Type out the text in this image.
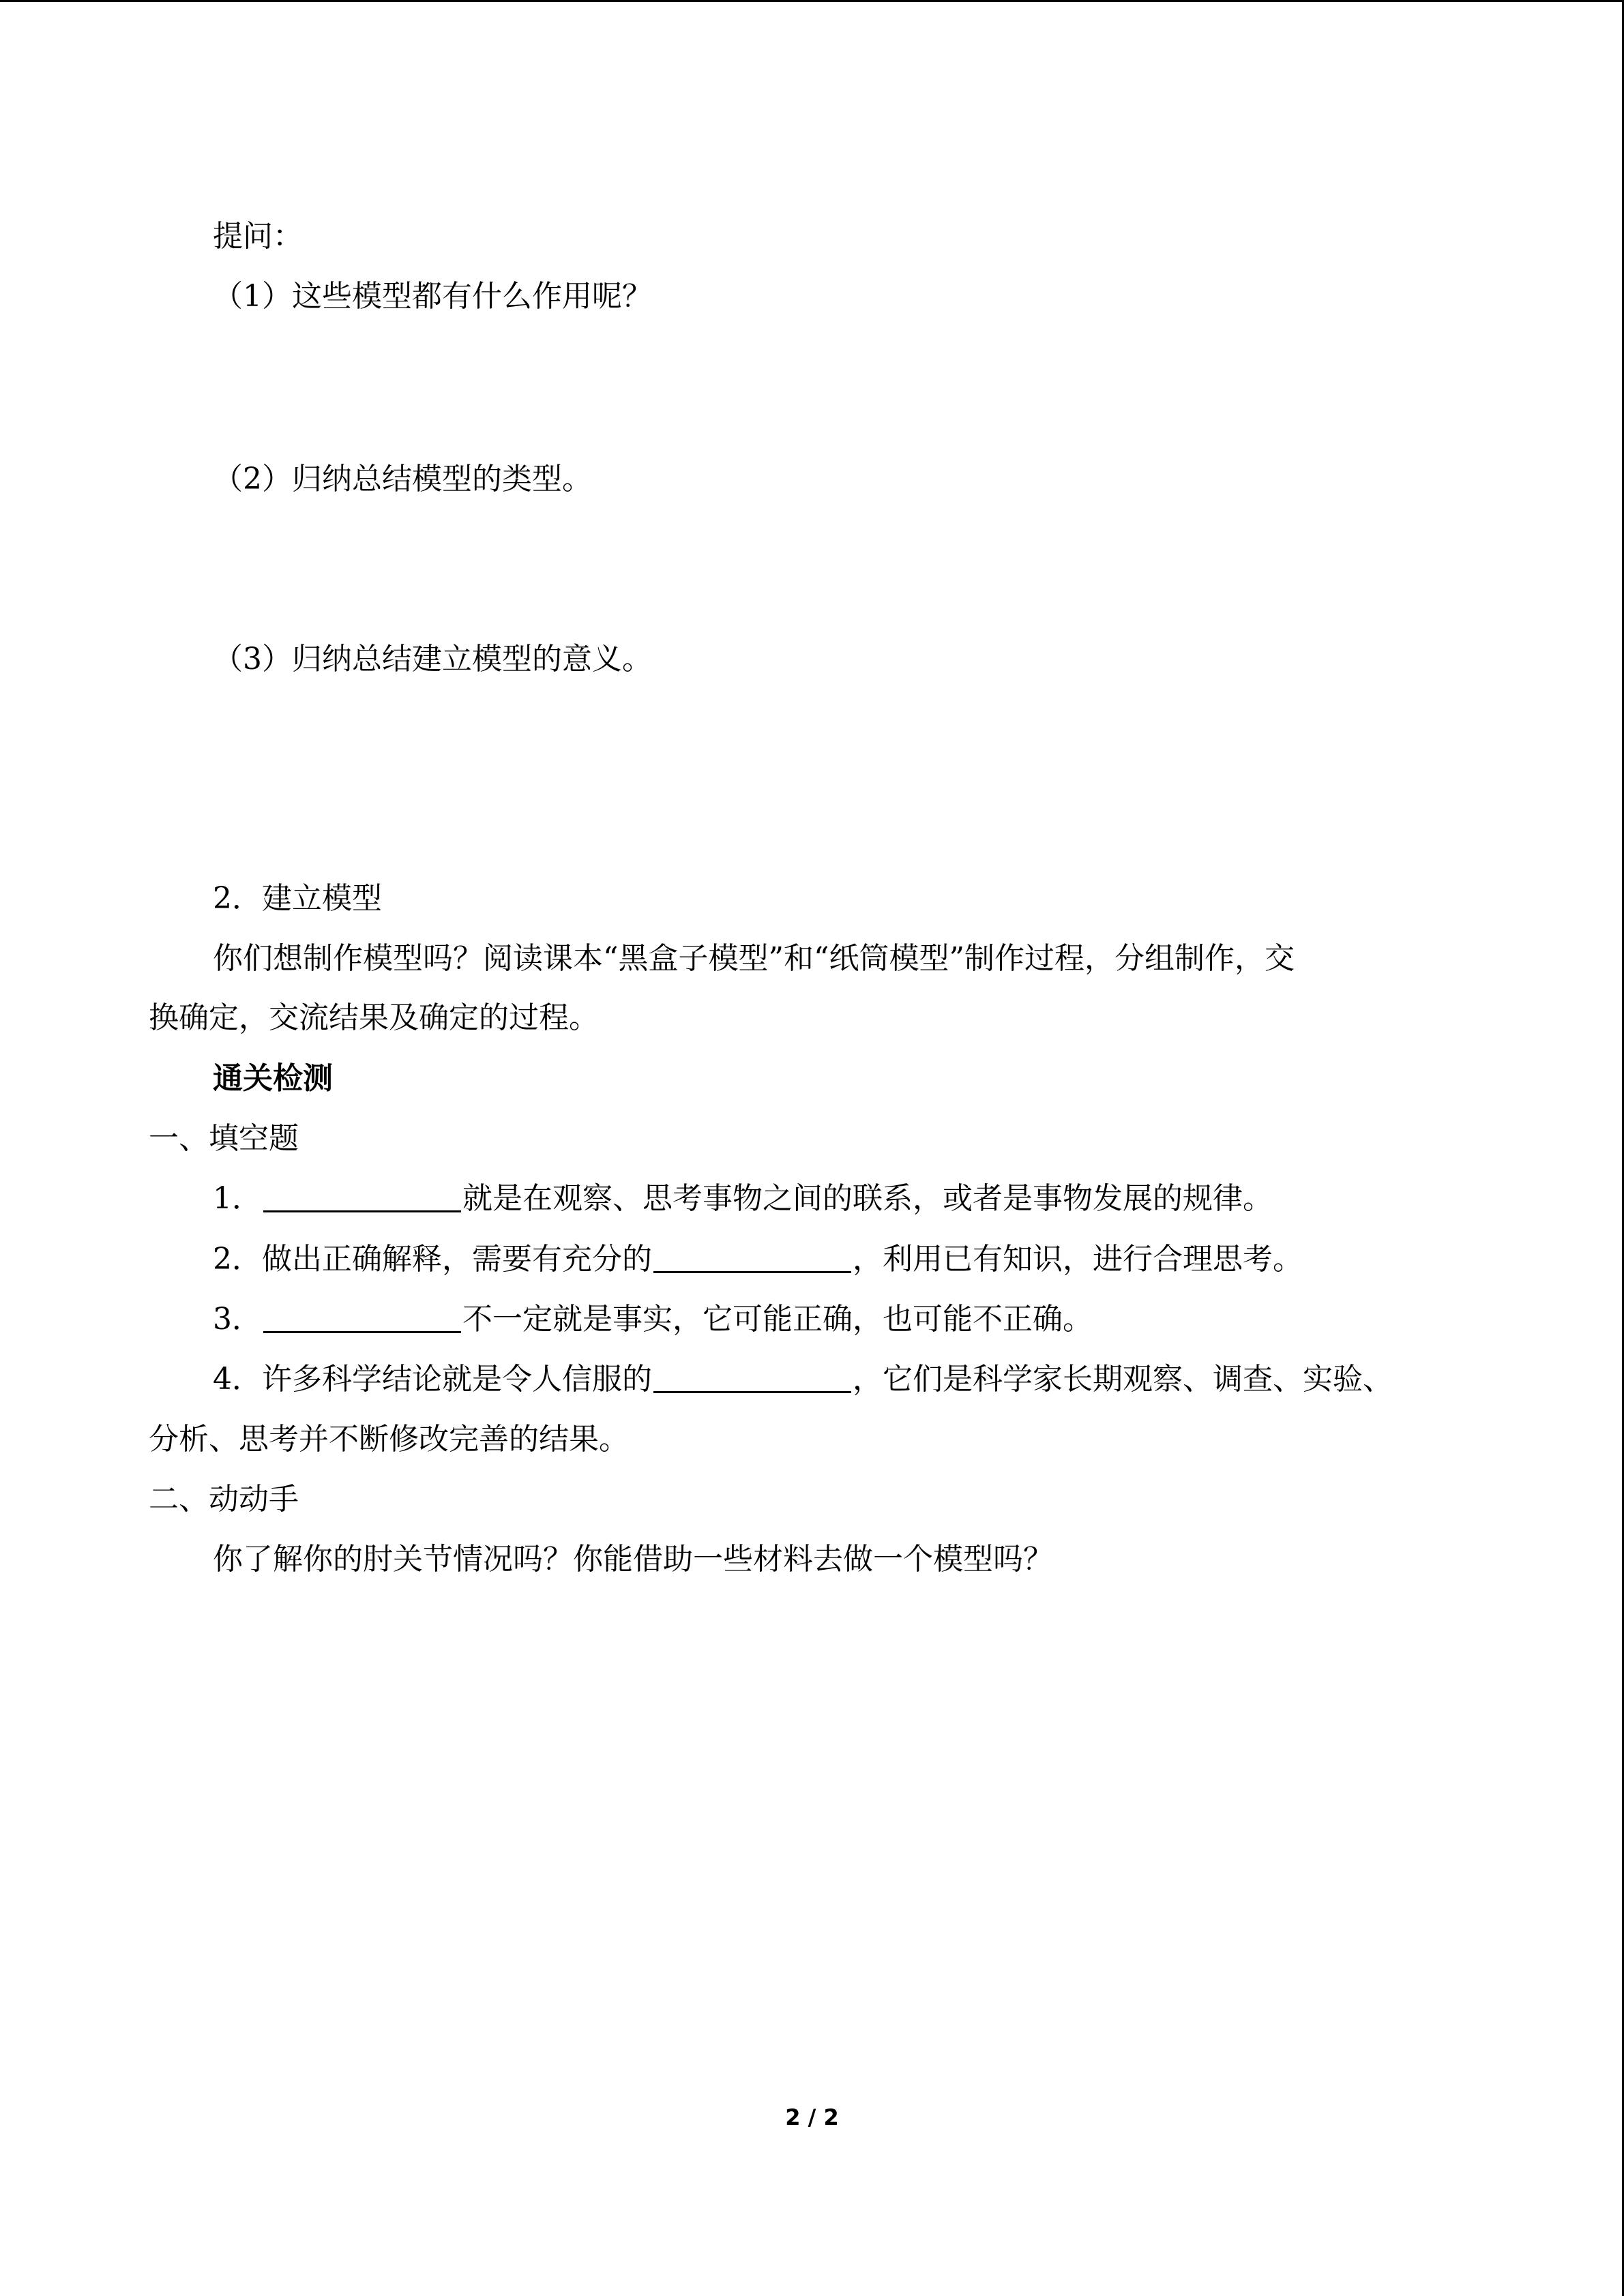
提问：
（1）这些模型都有什么作用呢？
（2）归纳总结模型的类型。
（3）归纳总结建立模型的意义。
2．建立模型
你们想制作模型吗？阅读课本“黑盒子模型”和“纸筒模型”制作过程，分组制作，交
换确定，交流结果及确定的过程。
通关检测
一、填空题
1．	就是在观察、思考事物之间的联系，或者是事物发展的规律。
2．做出正确解释，需要有充分的	，利用已有知识，进行合理思考。
3．	不一定就是事实，它可能正确，也可能不正确。
4．许多科学结论就是令人信服的	，它们是科学家长期观察、调查、实验、
分析、思考并不断修改完善的结果。
二、动动手
你了解你的肘关节情况吗？你能借助一些材料去做一个模型吗？
2 / 2
